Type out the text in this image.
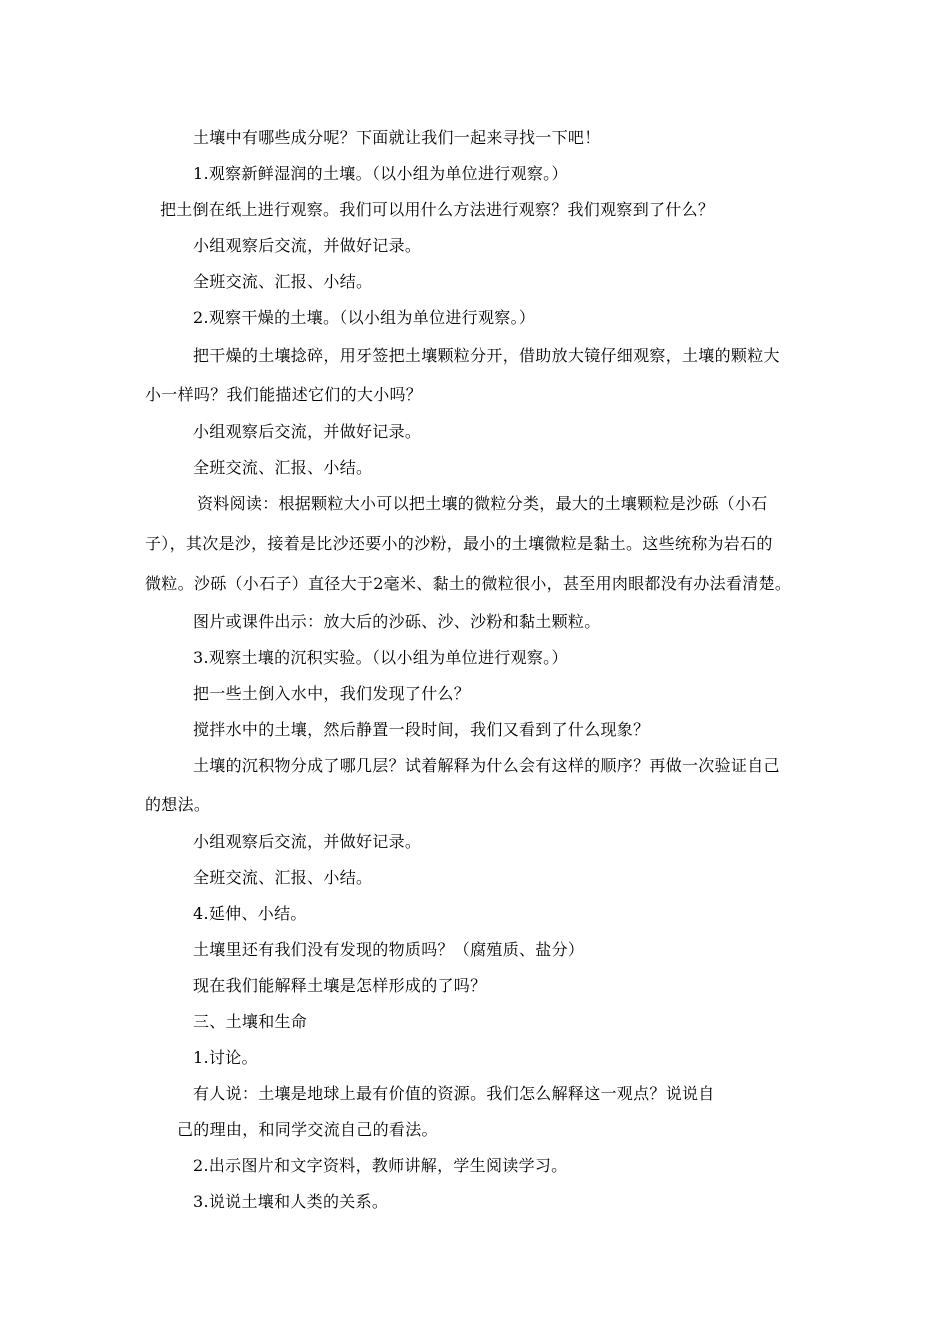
土壤中有哪些成分呢？下面就让我们一起来寻找一下吧！
1.观察新鲜湿润的土壤。（以小组为单位进行观察。）
把土倒在纸上进行观察。我们可以用什么方法进行观察？我们观察到了什么？
小组观察后交流，并做好记录。
全班交流、汇报、小结。
2.观察干燥的土壤。（以小组为单位进行观察。）
把干燥的土壤捻碎，用牙签把土壤颗粒分开，借助放大镜仔细观察，土壤的颗粒大
小一样吗？我们能描述它们的大小吗？
小组观察后交流，并做好记录。
全班交流、汇报、小结。
资料阅读：根据颗粒大小可以把土壤的微粒分类，最大的土壤颗粒是沙砾（小石
子），其次是沙，接着是比沙还要小的沙粉，最小的土壤微粒是黏土。这些统称为岩石的
微粒。沙砾（小石子）直径大于2毫米、黏土的微粒很小，甚至用肉眼都没有办法看清楚。
图片或课件出示：放大后的沙砾、沙、沙粉和黏土颗粒。
3.观察土壤的沉积实验。（以小组为单位进行观察。）
把一些土倒入水中，我们发现了什么？
搅拌水中的土壤，然后静置一段时间，我们又看到了什么现象？
土壤的沉积物分成了哪几层？试着解释为什么会有这样的顺序？再做一次验证自己
的想法。
小组观察后交流，并做好记录。
全班交流、汇报、小结。
4.延伸、小结。
土壤里还有我们没有发现的物质吗？（腐殖质、盐分）
现在我们能解释土壤是怎样形成的了吗？
三、土壤和生命
1.讨论。
有人说：土壤是地球上最有价值的资源。我们怎么解释这一观点？说说自
己的理由，和同学交流自己的看法。
2.出示图片和文字资料，教师讲解，学生阅读学习。
3.说说土壤和人类的关系。
